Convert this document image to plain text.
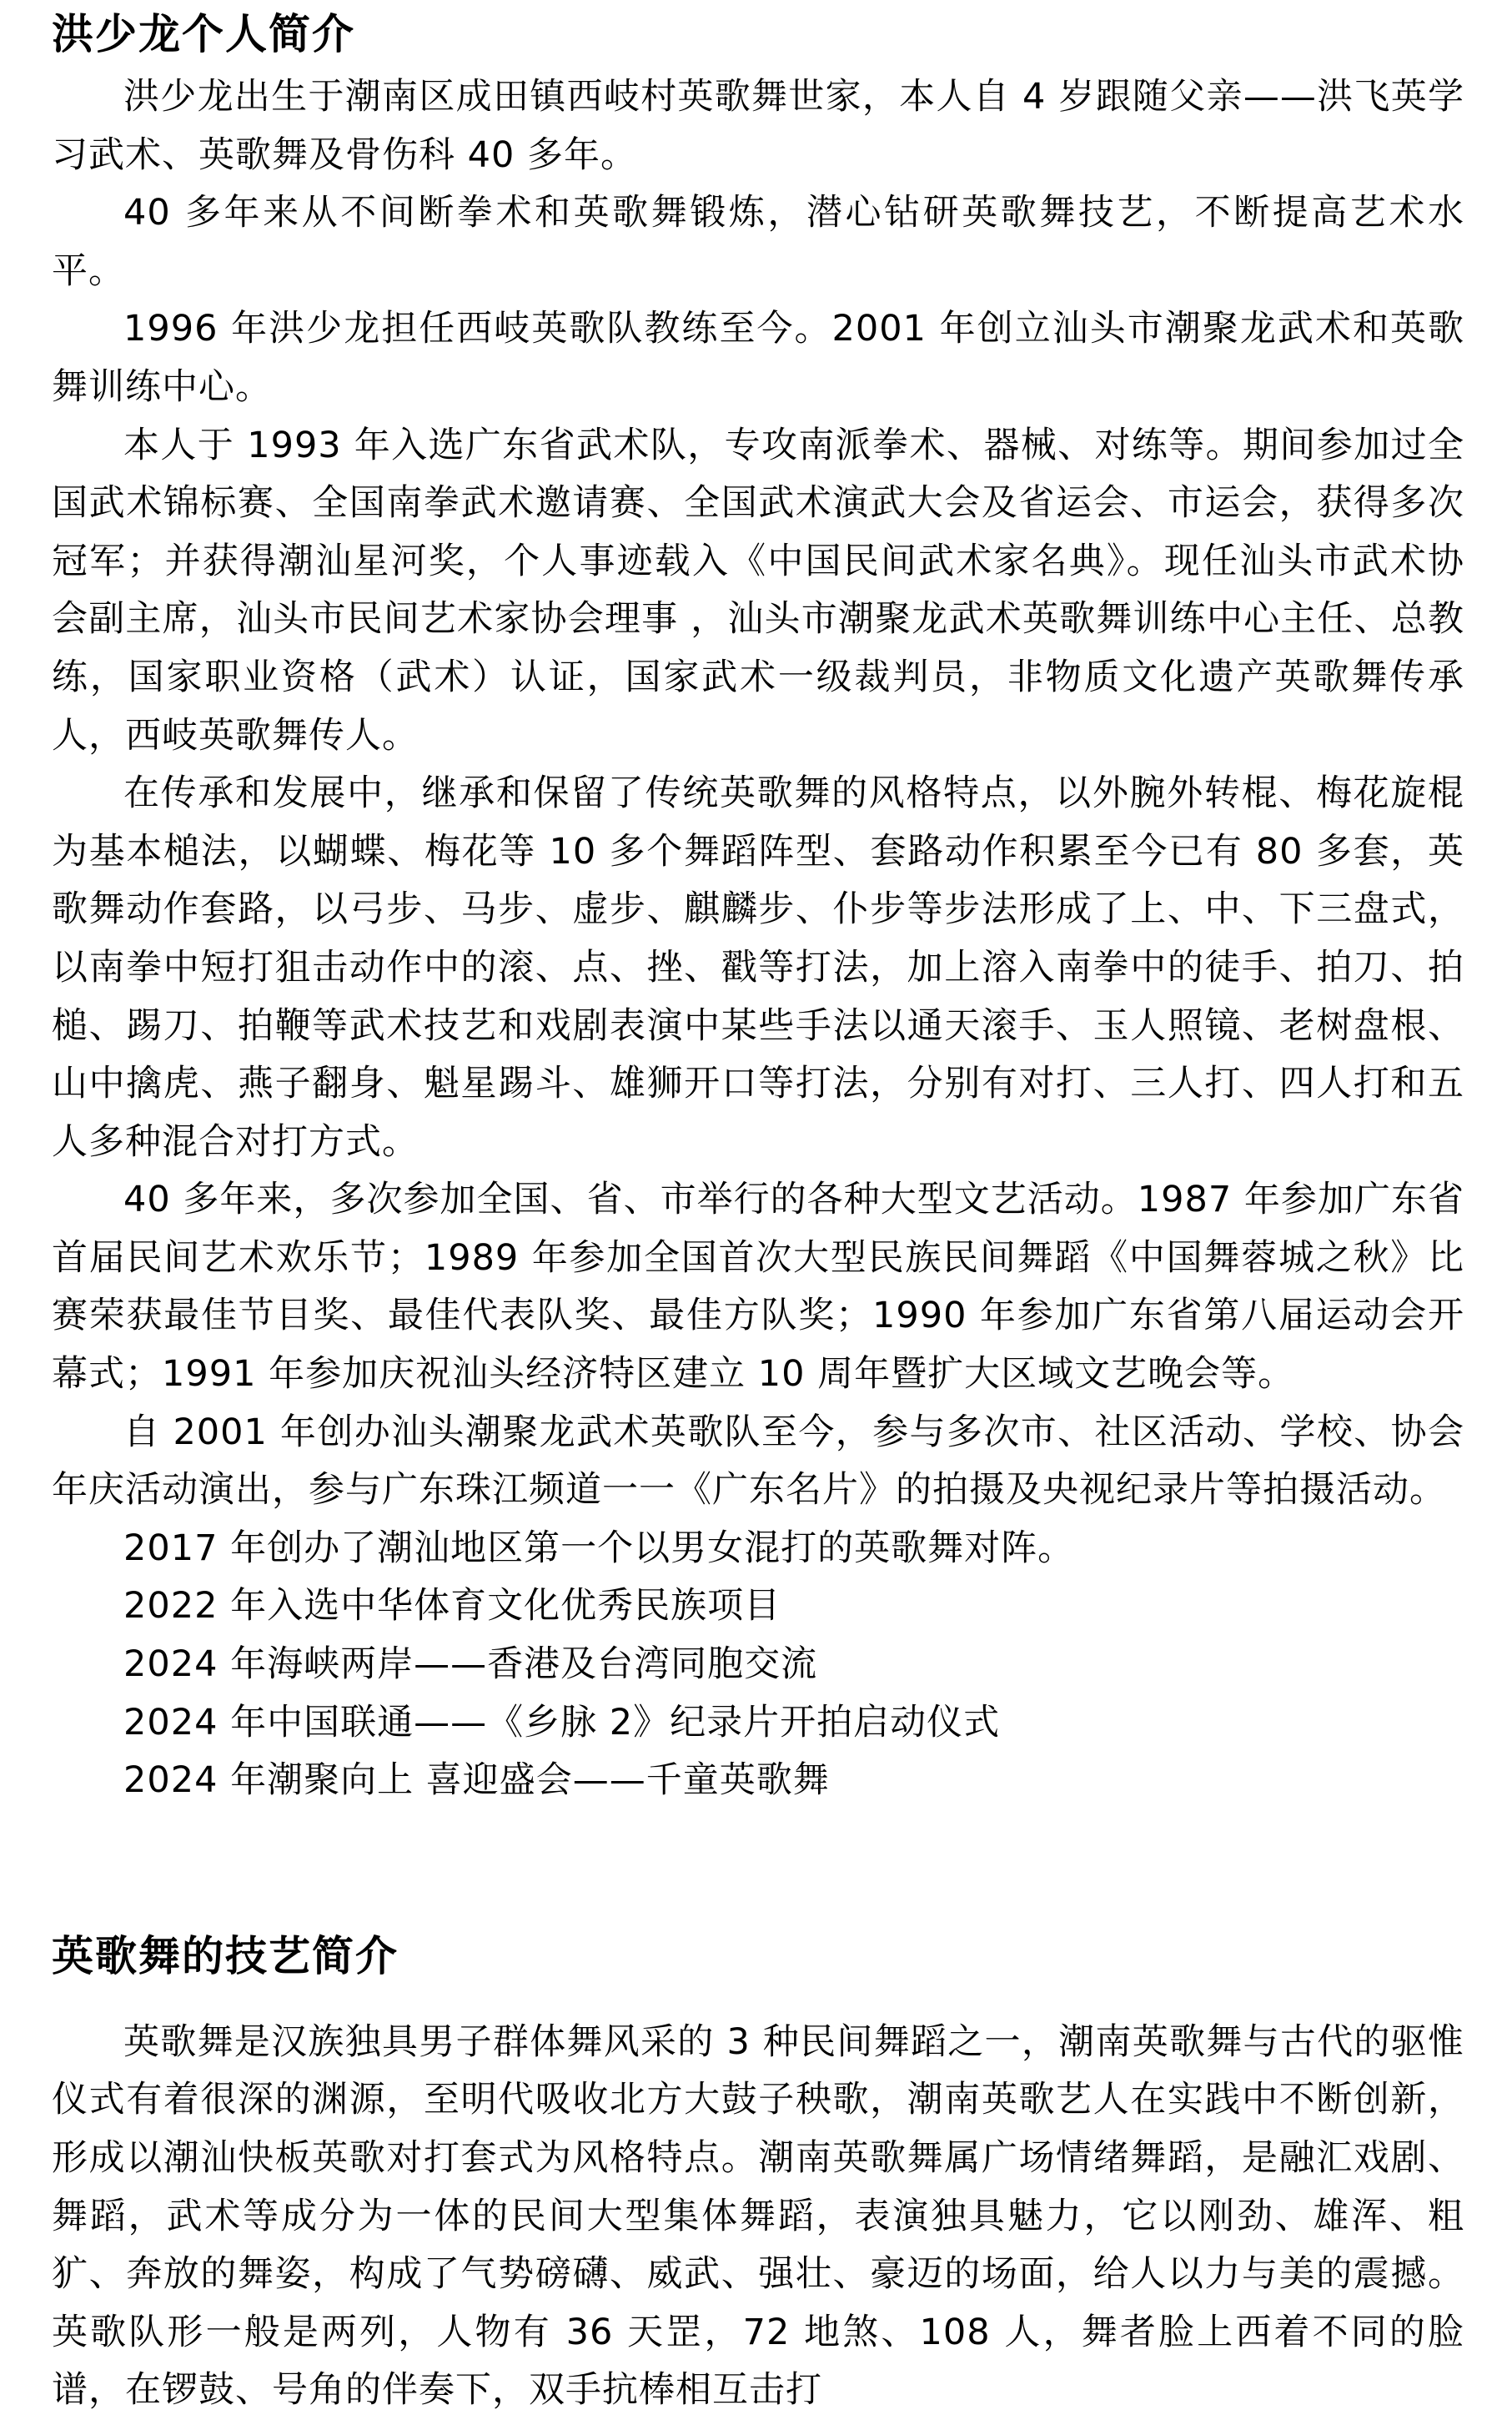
洪少龙个人简介

洪少龙出生于潮南区成田镇西岐村英歌舞世家，本人自 4 岁跟随父亲——洪飞英学习武术、英歌舞及骨伤科 40 多年。

40 多年来从不间断拳术和英歌舞锻炼，潜心钻研英歌舞技艺，不断提高艺术水平。

1996 年洪少龙担任西岐英歌队教练至今。2001 年创立汕头市潮聚龙武术和英歌舞训练中心。

本人于 1993 年入选广东省武术队，专攻南派拳术、器械、对练等。期间参加过全国武术锦标赛、全国南拳武术邀请赛、全国武术演武大会及省运会、市运会，获得多次冠军；并获得潮汕星河奖，个人事迹载入《中国民间武术家名典》。现任汕头市武术协会副主席，汕头市民间艺术家协会理事 ，汕头市潮聚龙武术英歌舞训练中心主任、总教练，国家职业资格（武术）认证，国家武术一级裁判员，非物质文化遗产英歌舞传承人，西岐英歌舞传人。

在传承和发展中，继承和保留了传统英歌舞的风格特点，以外腕外转棍、梅花旋棍为基本槌法，以蝴蝶、梅花等 10 多个舞蹈阵型、套路动作积累至今已有 80 多套，英歌舞动作套路，以弓步、马步、虚步、麒麟步、仆步等步法形成了上、中、下三盘式，以南拳中短打狙击动作中的滚、点、挫、戳等打法，加上溶入南拳中的徒手、拍刀、拍槌、踢刀、拍鞭等武术技艺和戏剧表演中某些手法以通天滚手、玉人照镜、老树盘根、山中擒虎、燕子翻身、魁星踢斗、雄狮开口等打法，分别有对打、三人打、四人打和五人多种混合对打方式。

40 多年来，多次参加全国、省、市举行的各种大型文艺活动。1987 年参加广东省首届民间艺术欢乐节；1989 年参加全国首次大型民族民间舞蹈《中国舞蓉城之秋》比赛荣获最佳节目奖、最佳代表队奖、最佳方队奖；1990 年参加广东省第八届运动会开幕式；1991 年参加庆祝汕头经济特区建立 10 周年暨扩大区域文艺晚会等。

自 2001 年创办汕头潮聚龙武术英歌队至今，参与多次市、社区活动、学校、协会年庆活动演出，参与广东珠江频道一一《广东名片》的拍摄及央视纪录片等拍摄活动。

2017 年创办了潮汕地区第一个以男女混打的英歌舞对阵。
2022 年入选中华体育文化优秀民族项目
2024 年海峡两岸——香港及台湾同胞交流
2024 年中国联通——《乡脉 2》纪录片开拍启动仪式
2024 年潮聚向上 喜迎盛会——千童英歌舞
英歌舞的技艺简介

英歌舞是汉族独具男子群体舞风采的 3 种民间舞蹈之一，潮南英歌舞与古代的驱惟仪式有着很深的渊源，至明代吸收北方大鼓子秧歌，潮南英歌艺人在实践中不断创新，形成以潮汕快板英歌对打套式为风格特点。潮南英歌舞属广场情绪舞蹈，是融汇戏剧、舞蹈，武术等成分为一体的民间大型集体舞蹈，表演独具魅力，它以刚劲、雄浑、粗犷、奔放的舞姿，构成了气势磅礴、威武、强壮、豪迈的场面，给人以力与美的震撼。英歌队形一般是两列，人物有 36 天罡，72 地煞、108 人，舞者脸上西着不同的脸谱，在锣鼓、号角的伴奏下，双手抗棒相互击打
